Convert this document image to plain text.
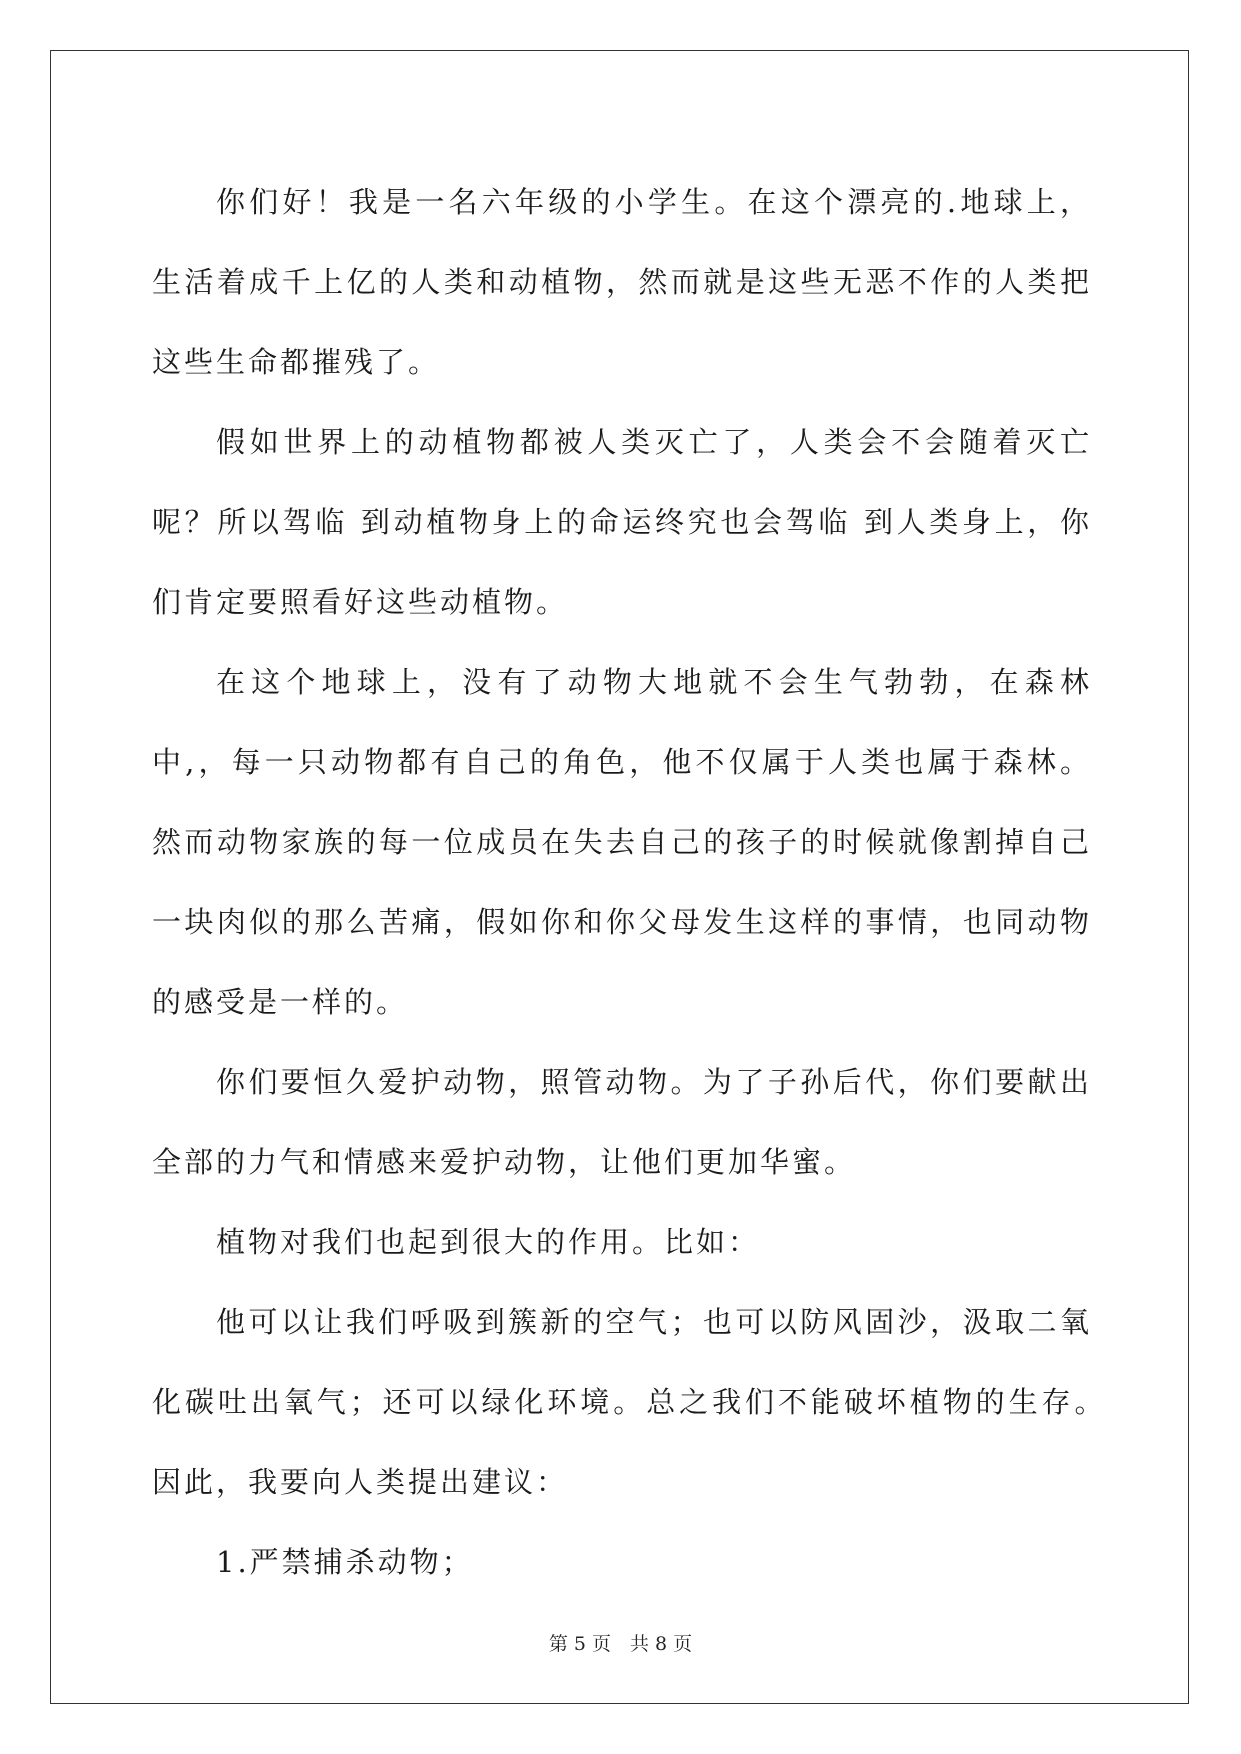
你们好！我是一名六年级的小学生。在这个漂亮的.地球上，生活着成千上亿的人类和动植物，然而就是这些无恶不作的人类把这些生命都摧残了。

假如世界上的动植物都被人类灭亡了，人类会不会随着灭亡呢？所以驾临 到动植物身上的命运终究也会驾临 到人类身上，你们肯定要照看好这些动植物。

在这个地球上，没有了动物大地就不会生气勃勃，在森林中,，每一只动物都有自己的角色，他不仅属于人类也属于森林。然而动物家族的每一位成员在失去自己的孩子的时候就像割掉自己一块肉似的那么苦痛，假如你和你父母发生这样的事情，也同动物的感受是一样的。

你们要恒久爱护动物，照管动物。为了子孙后代，你们要献出全部的力气和情感来爱护动物，让他们更加华蜜。

植物对我们也起到很大的作用。比如：

他可以让我们呼吸到簇新的空气；也可以防风固沙，汲取二氧化碳吐出氧气；还可以绿化环境。总之我们不能破坏植物的生存。　因此，我要向人类提出建议：

1.严禁捕杀动物；

第 5 页　共 8 页
